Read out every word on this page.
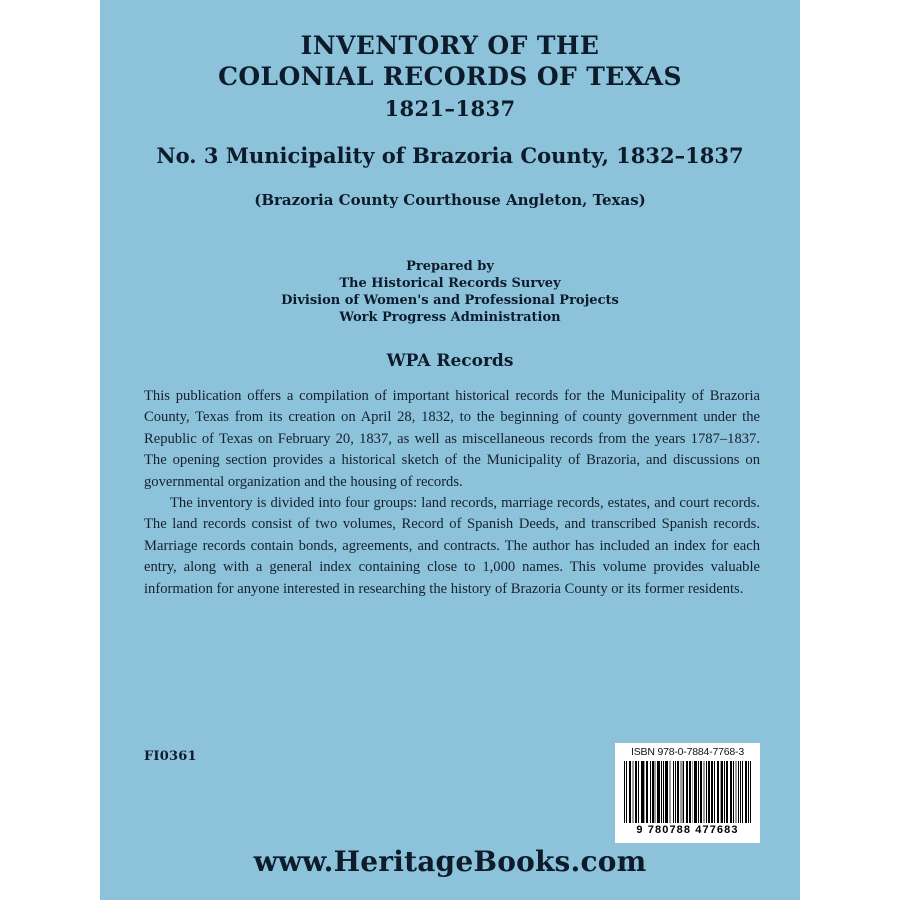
INVENTORY OF THE
COLONIAL RECORDS OF TEXAS
1821–1837
No. 3 Municipality of Brazoria County, 1832–1837
(Brazoria County Courthouse Angleton, Texas)
Prepared by
The Historical Records Survey
Division of Women's and Professional Projects
Work Progress Administration
WPA Records

This publication offers a compilation of important historical records for the Municipality of Brazoria County, Texas from its creation on April 28, 1832, to the beginning of county government under the Republic of Texas on February 20, 1837, as well as miscellaneous records from the years 1787–1837. The opening section provides a historical sketch of the Municipality of Brazoria, and discussions on governmental organization and the housing of records.

The inventory is divided into four groups: land records, marriage records, estates, and court records. The land records consist of two volumes, Record of Spanish Deeds, and transcribed Spanish records. Marriage records contain bonds, agreements, and contracts. The author has included an index for each entry, along with a general index containing close to 1,000 names. This volume provides valuable information for anyone interested in researching the history of Brazoria County or its former residents.

FI0361	ISBN 978-0-7884-7768-3
9 780788 477683
www.HeritageBooks.com
